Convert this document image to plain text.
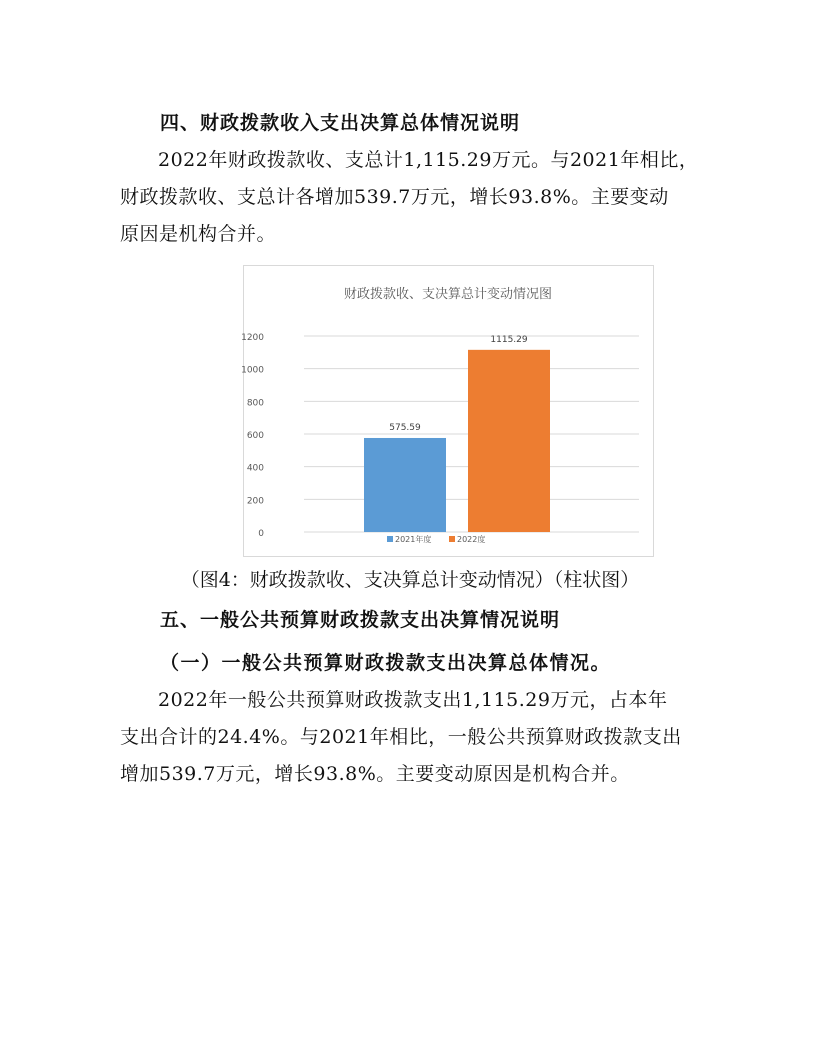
四、财政拨款收入支出决算总体情况说明
2022年财政拨款收、支总计1,115.29万元。与2021年相比，
财政拨款收、支总计各增加539.7万元，增长93.8%。主要变动
原因是机构合并。
财政拨款收、支决算总计变动情况图
0
200
400
600
800
1000
1200
575.59
1115.29
2021年度	2022度
（图4：财政拨款收、支决算总计变动情况）（柱状图）
五、一般公共预算财政拨款支出决算情况说明
（一）一般公共预算财政拨款支出决算总体情况。
2022年一般公共预算财政拨款支出1,115.29万元，占本年
支出合计的24.4%。与2021年相比，一般公共预算财政拨款支出
增加539.7万元，增长93.8%。主要变动原因是机构合并。
